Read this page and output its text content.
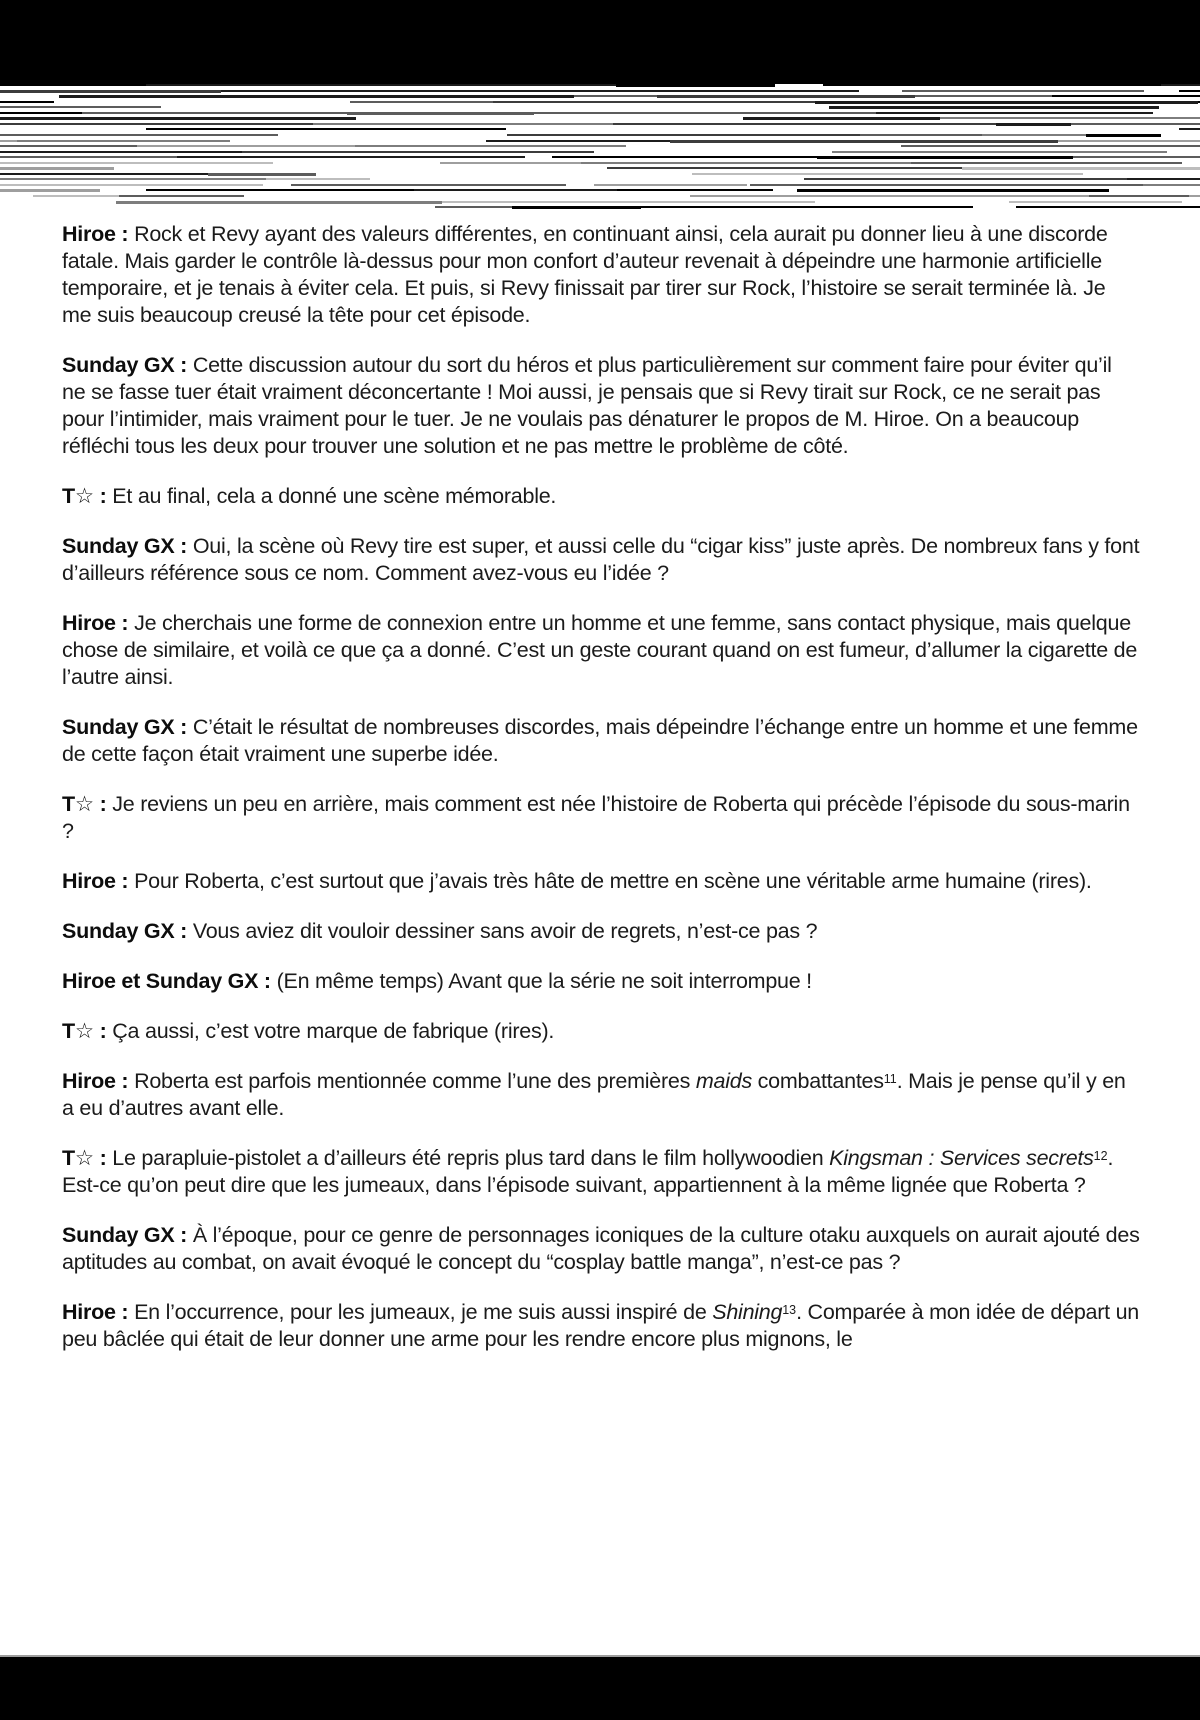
Hiroe : Rock et Revy ayant des valeurs différentes, en continuant ainsi, cela aurait pu donner lieu à une discorde fatale. Mais garder le contrôle là-dessus pour mon confort d’auteur revenait à dépeindre une harmonie artificielle temporaire, et je tenais à éviter cela. Et puis, si Revy finissait par tirer sur Rock, l’histoire se serait terminée là. Je me suis beaucoup creusé la tête pour cet épisode.

Sunday GX : Cette discussion autour du sort du héros et plus particulièrement sur comment faire pour éviter qu’il ne se fasse tuer était vraiment déconcertante ! Moi aussi, je pensais que si Revy tirait sur Rock, ce ne serait pas pour l’intimider, mais vraiment pour le tuer. Je ne voulais pas dénaturer le propos de M. Hiroe. On a beaucoup réfléchi tous les deux pour trouver une solution et ne pas mettre le problème de côté.

T☆ : Et au final, cela a donné une scène mémorable.

Sunday GX : Oui, la scène où Revy tire est super, et aussi celle du “cigar kiss” juste après. De nombreux fans y font d’ailleurs référence sous ce nom. Comment avez-vous eu l’idée ?

Hiroe : Je cherchais une forme de connexion entre un homme et une femme, sans contact physique, mais quelque chose de similaire, et voilà ce que ça a donné. C’est un geste courant quand on est fumeur, d’allumer la cigarette de l’autre ainsi.

Sunday GX : C’était le résultat de nombreuses discordes, mais dépeindre l’échange entre un homme et une femme de cette façon était vraiment une superbe idée.

T☆ : Je reviens un peu en arrière, mais comment est née l’histoire de Roberta qui précède l’épisode du sous-marin ?

Hiroe : Pour Roberta, c’est surtout que j’avais très hâte de mettre en scène une véritable arme humaine (rires).

Sunday GX : Vous aviez dit vouloir dessiner sans avoir de regrets, n’est-ce pas ?

Hiroe et Sunday GX : (En même temps) Avant que la série ne soit interrompue !

T☆ : Ça aussi, c’est votre marque de fabrique (rires).

Hiroe : Roberta est parfois mentionnée comme l’une des premières maids combattantes$^{11}$. Mais je pense qu’il y en a eu d’autres avant elle.

T☆ : Le parapluie-pistolet a d’ailleurs été repris plus tard dans le film hollywoodien Kingsman : Services secrets$^{12}$. Est-ce qu’on peut dire que les jumeaux, dans l’épisode suivant, appartiennent à la même lignée que Roberta ?

Sunday GX : À l’époque, pour ce genre de personnages iconiques de la culture otaku auxquels on aurait ajouté des aptitudes au combat, on avait évoqué le concept du “cosplay battle manga”, n’est-ce pas ?

Hiroe : En l’occurrence, pour les jumeaux, je me suis aussi inspiré de Shining$^{13}$. Comparée à mon idée de départ un peu bâclée qui était de leur donner une arme pour les rendre encore plus mignons, le
